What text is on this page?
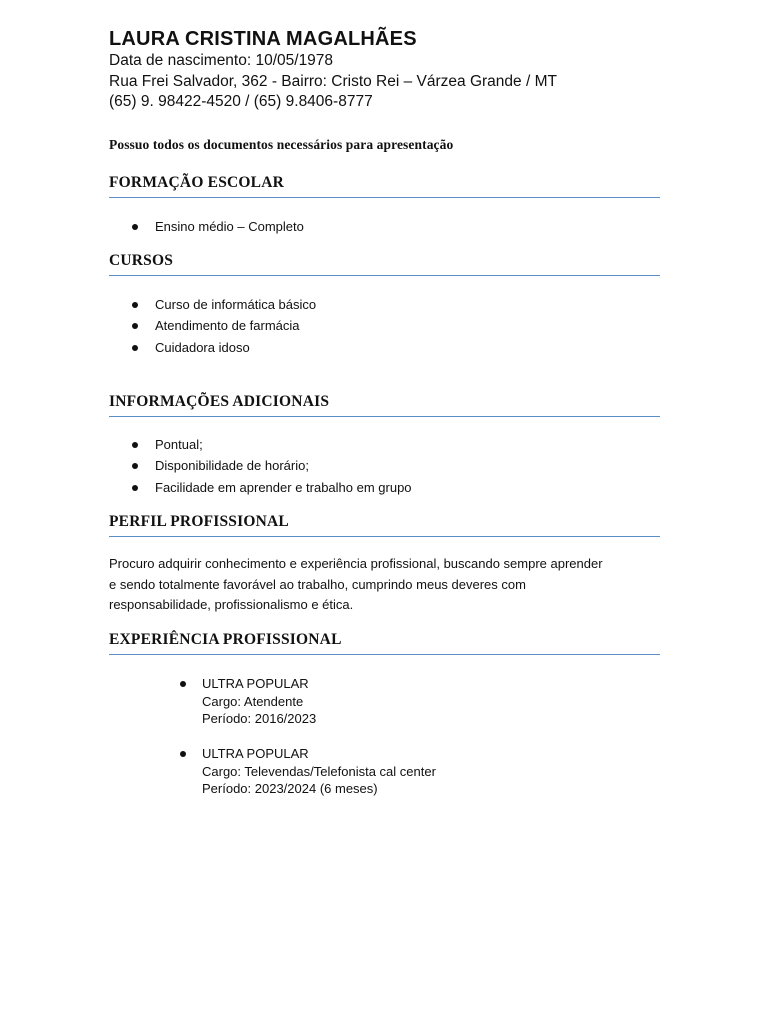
LAURA CRISTINA MAGALHÃES
Data de nascimento: 10/05/1978
Rua Frei Salvador, 362 - Bairro: Cristo Rei – Várzea Grande / MT
(65) 9. 98422-4520 / (65) 9.8406-8777
Possuo todos os documentos necessários para apresentação
FORMAÇÃO ESCOLAR
Ensino médio – Completo
CURSOS
Curso de informática básico
Atendimento de farmácia
Cuidadora idoso
INFORMAÇÕES ADICIONAIS
Pontual;
Disponibilidade de horário;
Facilidade em aprender e trabalho em grupo
PERFIL PROFISSIONAL
Procuro adquirir conhecimento e experiência profissional, buscando sempre aprender
e sendo totalmente favorável ao trabalho, cumprindo meus deveres com
responsabilidade, profissionalismo e ética.
EXPERIÊNCIA PROFISSIONAL
ULTRA POPULAR
Cargo: Atendente
Período: 2016/2023
ULTRA POPULAR
Cargo: Televendas/Telefonista cal center
Período: 2023/2024 (6 meses)
